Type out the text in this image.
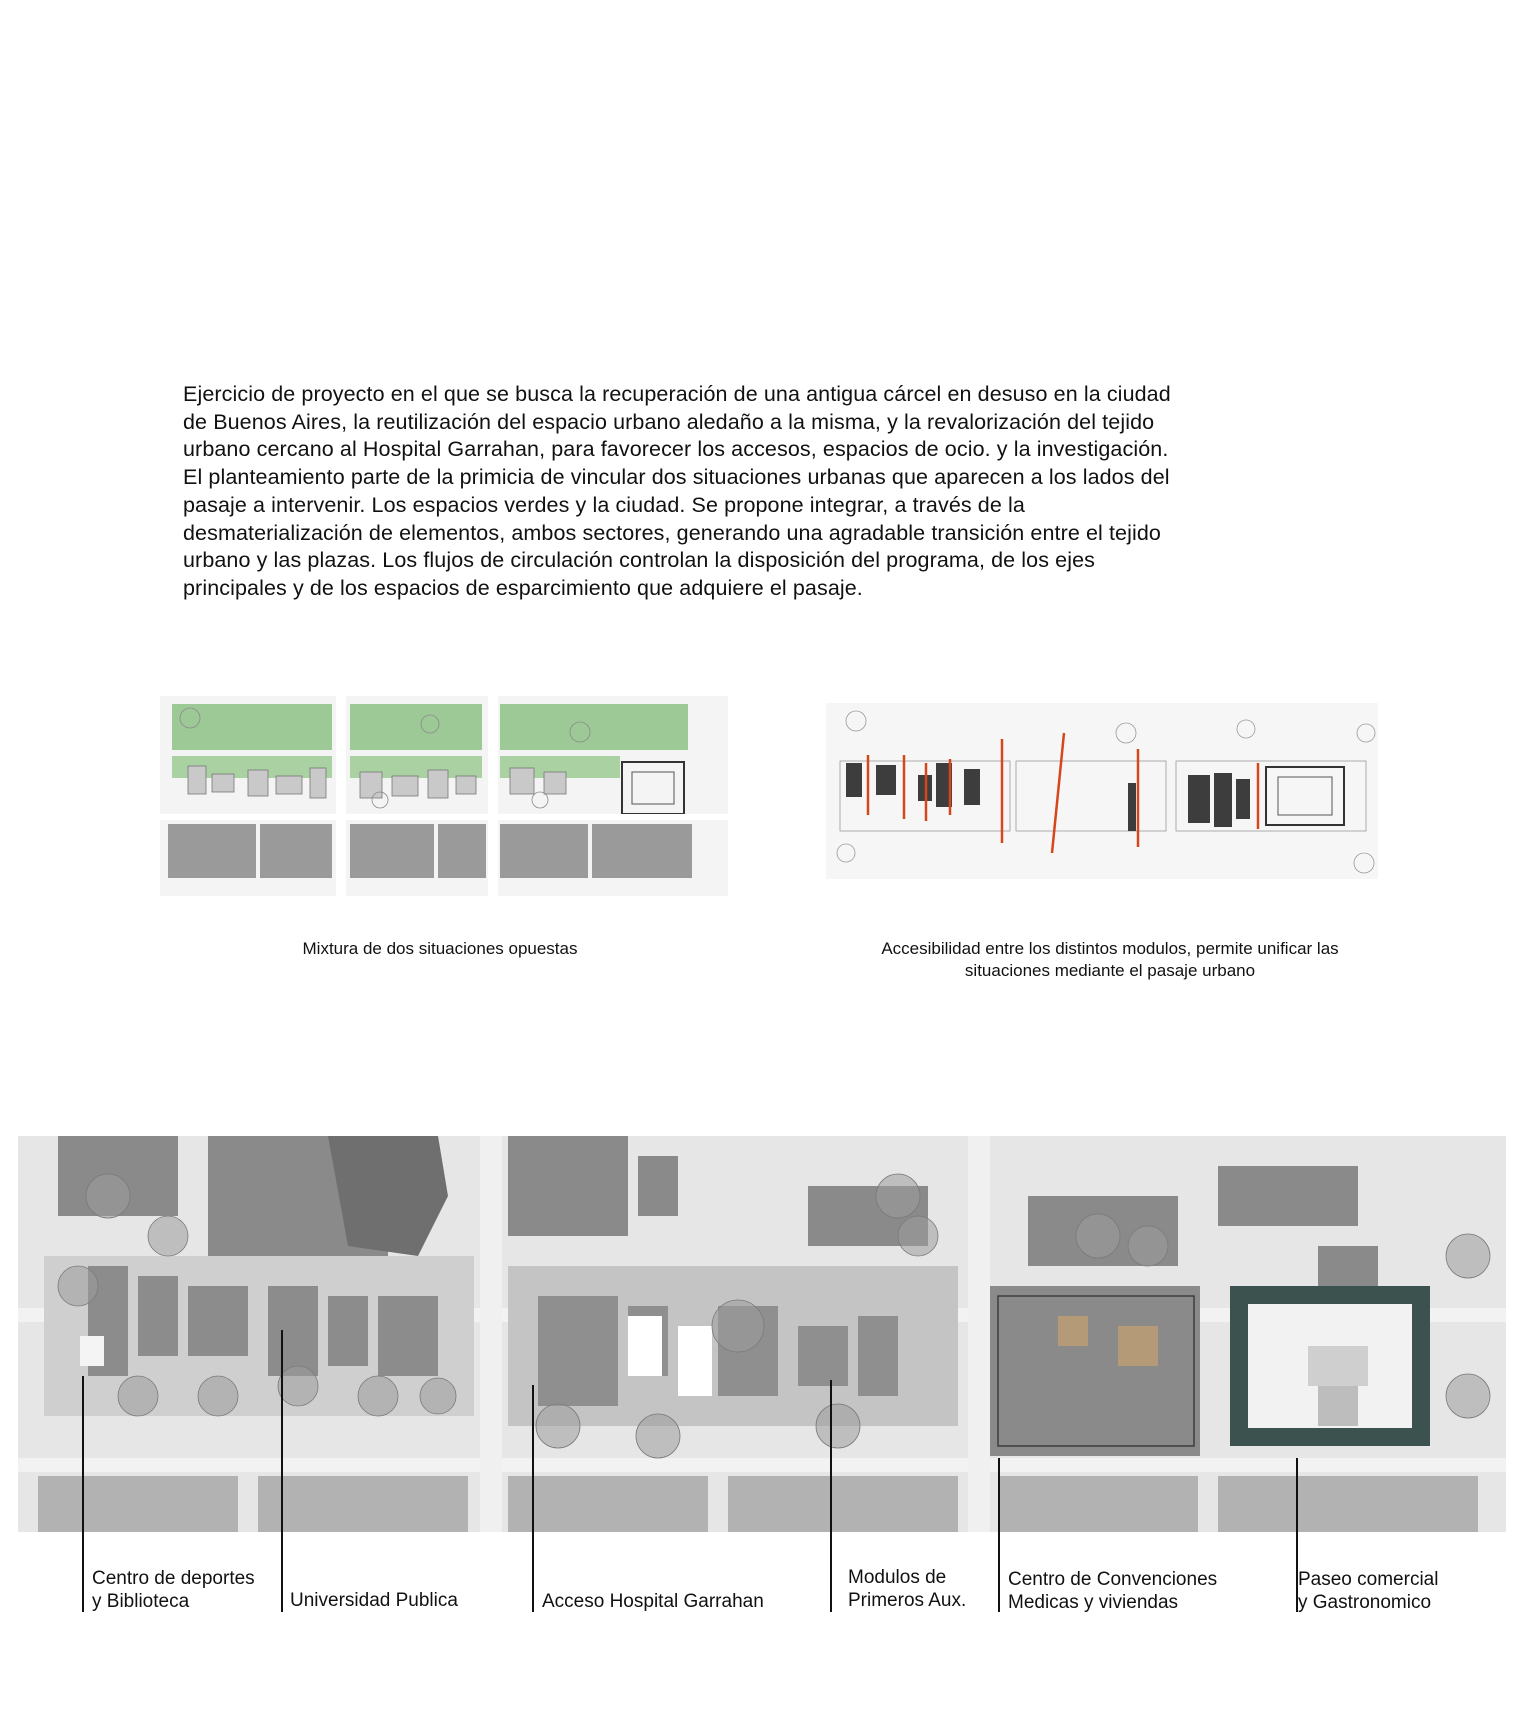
Ejercicio de proyecto en el que se busca la recuperación de una antigua cárcel en desuso en la ciudad

de Buenos Aires, la reutilización del espacio urbano aledaño a la misma, y la revalorización del tejido

urbano cercano al Hospital Garrahan, para favorecer los accesos, espacios de ocio. y la investigación.

El planteamiento parte de la primicia de vincular dos situaciones urbanas que aparecen a los lados del

pasaje a intervenir. Los espacios verdes y la ciudad. Se propone integrar, a través de la

desmaterialización de elementos, ambos sectores, generando una agradable transición entre el tejido

urbano y las plazas. Los flujos de circulación controlan la disposición del programa, de los ejes

principales y de los espacios de esparcimiento que adquiere el pasaje.

Mixtura de dos situaciones opuestas	Accesibilidad entre los distintos modulos, permite unificar las
situaciones mediante el pasaje urbano
Centro de deportes
y Biblioteca	Universidad Publica	Acceso Hospital Garrahan
Modulos de
Primeros Aux.
Centro de Convenciones
Medicas y viviendas
Paseo comercial
y Gastronomico
